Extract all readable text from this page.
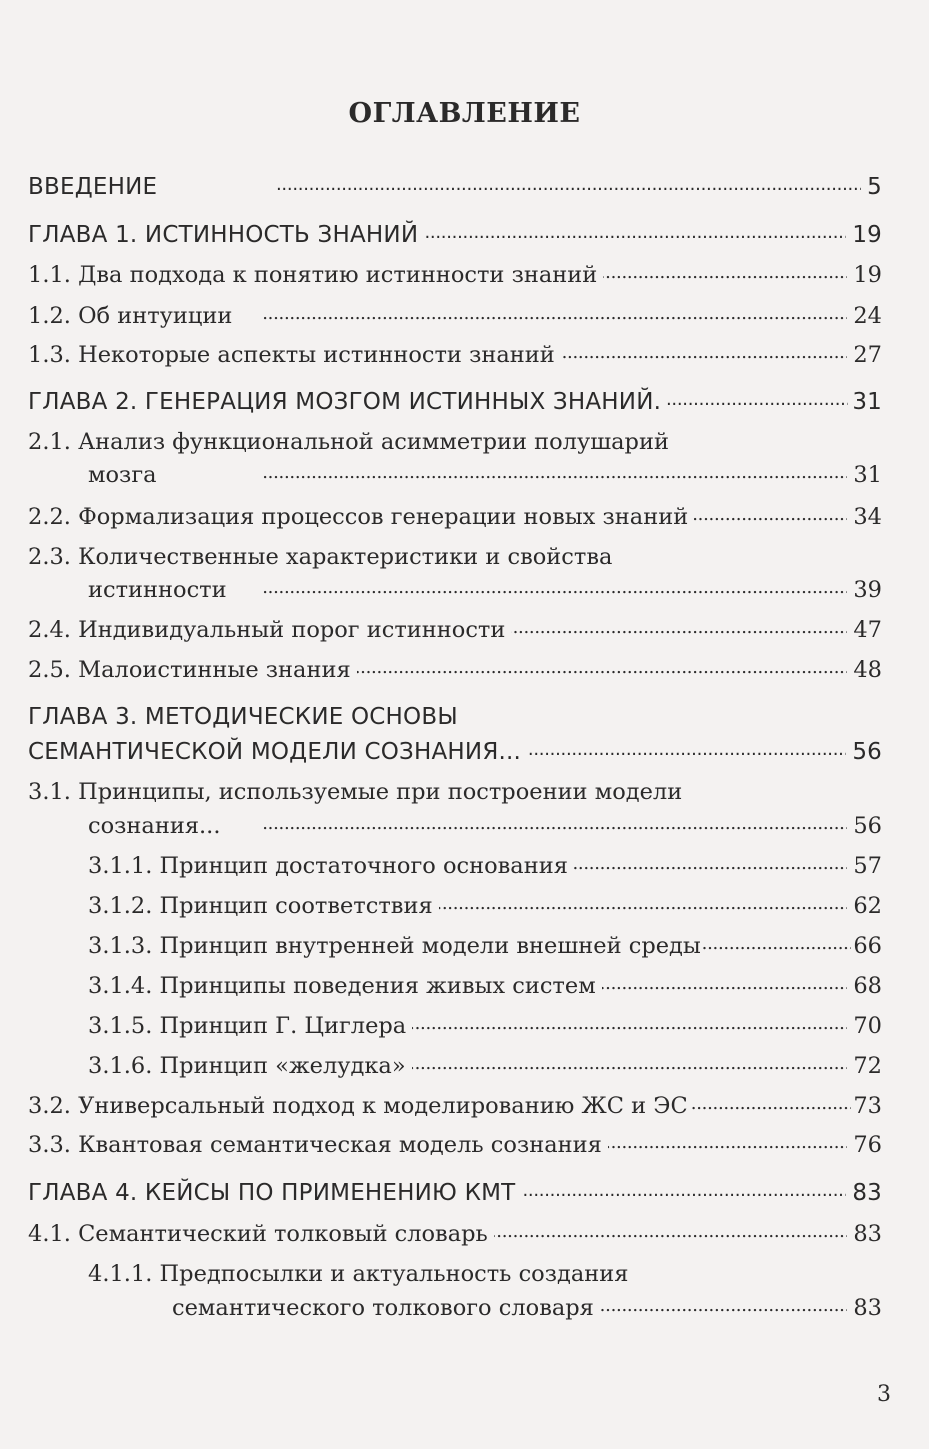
ОГЛАВЛЕНИЕ
ВВЕДЕНИЕ . . .	5
ГЛАВА 1. ИСТИННОСТЬ ЗНАНИЙ . . .	19
1.1. Два подхода к понятию истинности знаний . . .	19
1.2. Об интуиции . . .	24
1.3. Некоторые аспекты истинности знаний . . .	27
ГЛАВА 2. ГЕНЕРАЦИЯ МОЗГОМ ИСТИННЫХ ЗНАНИЙ. . . .	31
2.1. Анализ функциональной асимметрии полушарий
мозга . . .	31
2.2. Формализация процессов генерации новых знаний . . .	34
2.3. Количественные характеристики и свойства
истинности . . .	39
2.4. Индивидуальный порог истинности . . .	47
2.5. Малоистинные знания . . .	48
ГЛАВА 3. МЕТОДИЧЕСКИЕ ОСНОВЫ
СЕМАНТИЧЕСКОЙ МОДЕЛИ СОЗНАНИЯ... . . .	56
3.1. Принципы, используемые при построении модели
сознания... . . .	56
3.1.1. Принцип достаточного основания . . .	57
3.1.2. Принцип соответствия . . .	62
3.1.3. Принцип внутренней модели внешней среды . . .	66
3.1.4. Принципы поведения живых систем . . .	68
3.1.5. Принцип Г. Циглера . . .	70
3.1.6. Принцип «желудка» . . .	72
3.2. Универсальный подход к моделированию ЖС и ЭС . . .	73
3.3. Квантовая семантическая модель сознания . . .	76
ГЛАВА 4. КЕЙСЫ ПО ПРИМЕНЕНИЮ КМТ . . .	83
4.1. Семантический толковый словарь . . .	83
4.1.1. Предпосылки и актуальность создания
семантического толкового словаря . . .	83
3
